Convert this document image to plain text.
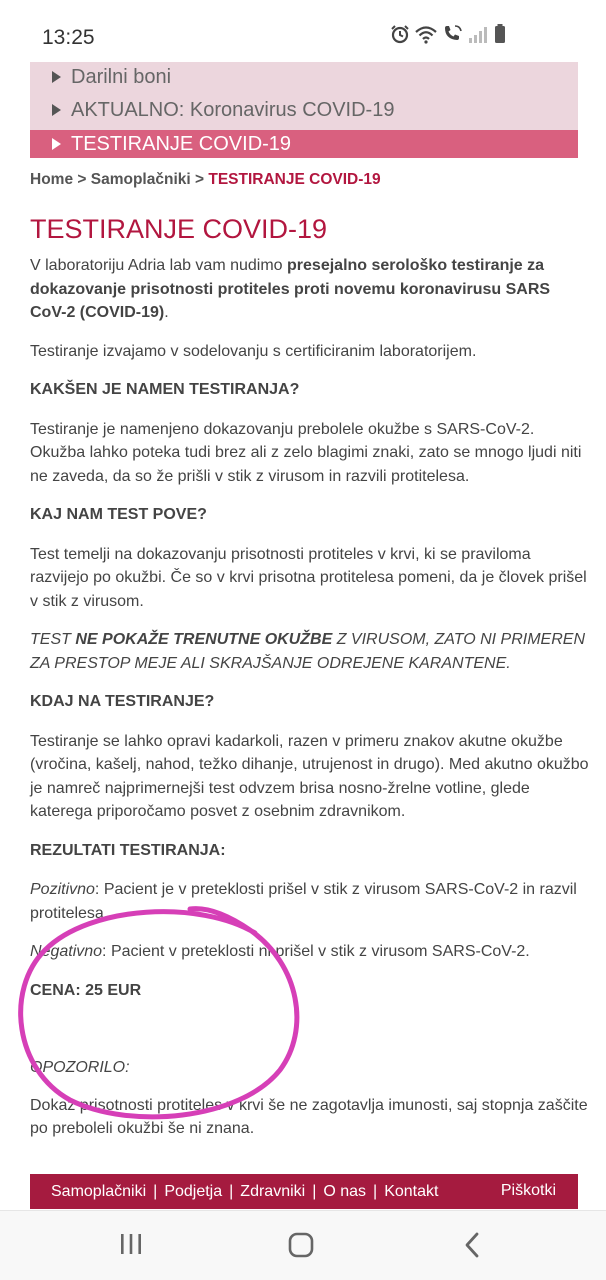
13:25
Darilni boni
AKTUALNO: Koronavirus COVID-19
TESTIRANJE COVID-19
Home > Samoplačniki > TESTIRANJE COVID-19
TESTIRANJE COVID-19

V laboratoriju Adria lab vam nudimo presejalno serološko testiranje za dokazovanje prisotnosti protiteles proti novemu koronavirusu SARS CoV-2 (COVID-19).

Testiranje izvajamo v sodelovanju s certificiranim laboratorijem.

KAKŠEN JE NAMEN TESTIRANJA?

Testiranje je namenjeno dokazovanju prebolele okužbe s SARS-CoV-2. Okužba lahko poteka tudi brez ali z zelo blagimi znaki, zato se mnogo ljudi niti ne zaveda, da so že prišli v stik z virusom in razvili protitelesa.

KAJ NAM TEST POVE?

Test temelji na dokazovanju prisotnosti protiteles v krvi, ki se praviloma razvijejo po okužbi. Če so v krvi prisotna protitelesa pomeni, da je človek prišel v stik z virusom.

TEST NE POKAŽE TRENUTNE OKUŽBE Z VIRUSOM, ZATO NI PRIMEREN ZA PRESTOP MEJE ALI SKRAJŠANJE ODREJENE KARANTENE.

KDAJ NA TESTIRANJE?

Testiranje se lahko opravi kadarkoli, razen v primeru znakov akutne okužbe (vročina, kašelj, nahod, težko dihanje, utrujenost in drugo). Med akutno okužbo je namreč najprimernejši test odvzem brisa nosno-žrelne votline, glede katerega priporočamo posvet z osebnim zdravnikom.

REZULTATI TESTIRANJA:

Pozitivno: Pacient je v preteklosti prišel v stik z virusom SARS-CoV-2 in razvil protitelesa.

Negativno: Pacient v preteklosti ni prišel v stik z virusom SARS-CoV-2.

CENA: 25 EUR

OPOZORILO:

Dokaz prisotnosti protiteles v krvi še ne zagotavlja imunosti, saj stopnja zaščite po preboleli okužbi še ni znana.

Samoplačniki | Podjetja | Zdravniki | O nas | Kontakt	Piškotki
